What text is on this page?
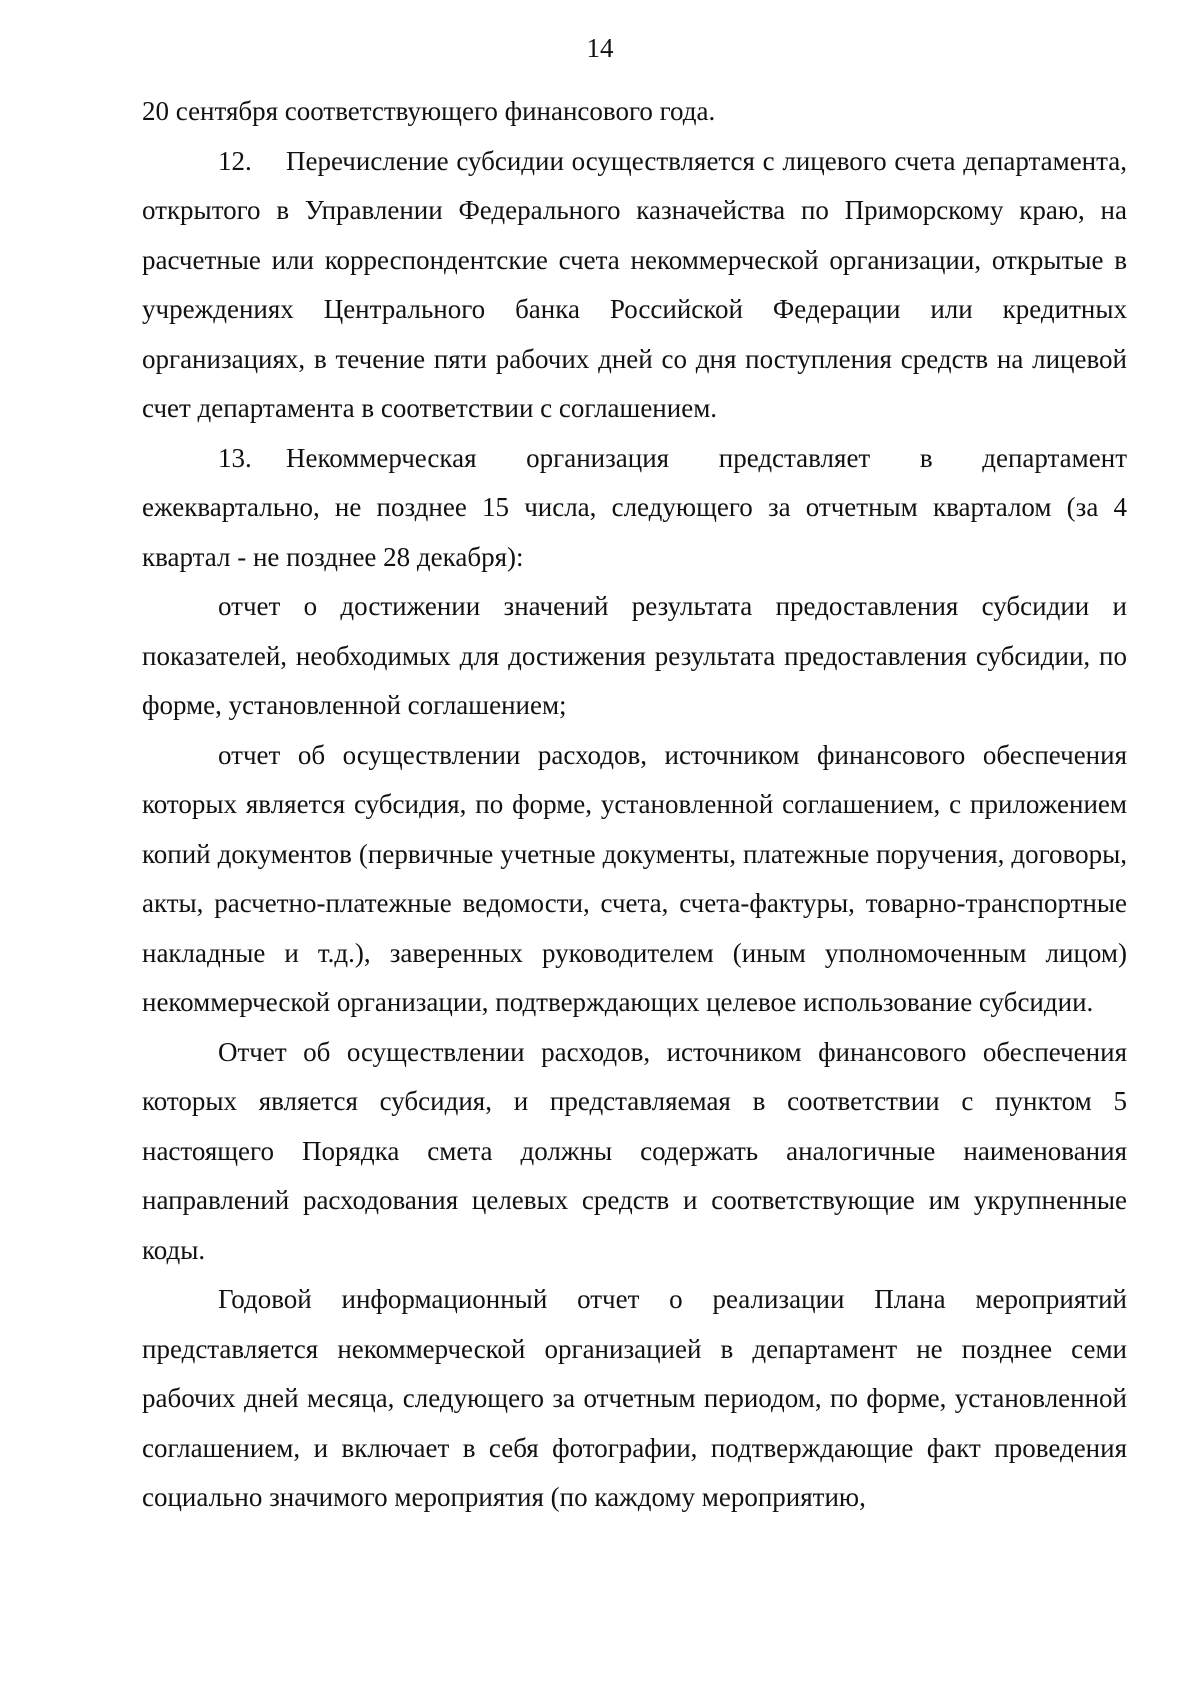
14

20 сентября соответствующего финансового года.

12. Перечисление субсидии осуществляется с лицевого счета департамента, открытого в Управлении Федерального казначейства по Приморскому краю, на расчетные или корреспондентские счета некоммерческой организации, открытые в учреждениях Центрального банка Российской Федерации или кредитных организациях, в течение пяти рабочих дней со дня поступления средств на лицевой счет департамента в соответствии с соглашением.

13. Некоммерческая организация представляет в департамент ежеквартально, не позднее 15 числа, следующего за отчетным кварталом (за 4 квартал - не позднее 28 декабря):

отчет о достижении значений результата предоставления субсидии и показателей, необходимых для достижения результата предоставления субсидии, по форме, установленной соглашением;

отчет об осуществлении расходов, источником финансового обеспечения которых является субсидия, по форме, установленной соглашением, с приложением копий документов (первичные учетные документы, платежные поручения, договоры, акты, расчетно-платежные ведомости, счета, счета-фактуры, товарно-транспортные накладные и т.д.), заверенных руководителем (иным уполномоченным лицом) некоммерческой организации, подтверждающих целевое использование субсидии.

Отчет об осуществлении расходов, источником финансового обеспечения которых является субсидия, и представляемая в соответствии с пунктом 5 настоящего Порядка смета должны содержать аналогичные наименования направлений расходования целевых средств и соответствующие им укрупненные коды.

Годовой информационный отчет о реализации Плана мероприятий представляется некоммерческой организацией в департамент не позднее семи рабочих дней месяца, следующего за отчетным периодом, по форме, установленной соглашением, и включает в себя фотографии, подтверждающие факт проведения социально значимого мероприятия (по каждому мероприятию,
